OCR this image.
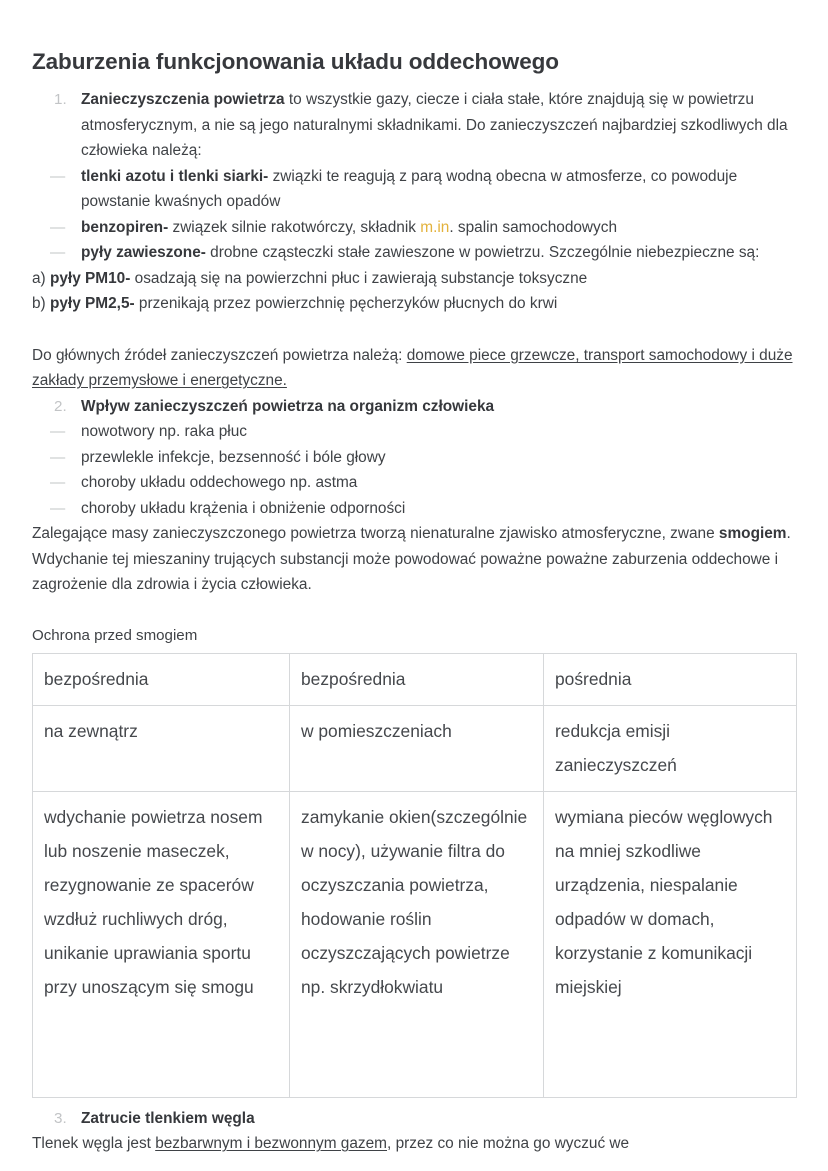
Zaburzenia funkcjonowania układu oddechowego
1. Zanieczyszczenia powietrza to wszystkie gazy, ciecze i ciała stałe, które znajdują się w powietrzu atmosferycznym, a nie są jego naturalnymi składnikami. Do zanieczyszczeń najbardziej szkodliwych dla człowieka należą:
—	tlenki azotu i tlenki siarki- związki te reagują z parą wodną obecna w atmosferze, co powoduje powstanie kwaśnych opadów
—	benzopiren- związek silnie rakotwórczy, składnik m.in. spalin samochodowych
—	pyły zawieszone- drobne cząsteczki stałe zawieszone w powietrzu. Szczególnie niebezpieczne są:
a) pyły PM10- osadzają się na powierzchni płuc i zawierają substancje toksyczne
b) pyły PM2,5- przenikają przez powierzchnię pęcherzyków płucnych do krwi
Do głównych źródeł zanieczyszczeń powietrza należą: domowe piece grzewcze, transport samochodowy i duże zakłady przemysłowe i energetyczne.
2. Wpływ zanieczyszczeń powietrza na organizm człowieka
—	nowotwory np. raka płuc
—	przewlekle infekcje, bezsenność i bóle głowy
—	choroby układu oddechowego np. astma
—	choroby układu krążenia i obniżenie odporności
Zalegające masy zanieczyszczonego powietrza tworzą nienaturalne zjawisko atmosferyczne, zwane smogiem. Wdychanie tej mieszaniny trujących substancji może powodować poważne poważne zaburzenia oddechowe i zagrożenie dla zdrowia i życia człowieka.
Ochrona przed smogiem
bezpośrednia	bezpośrednia	pośrednia
na zewnątrz	w pomieszczeniach	redukcja emisji zanieczyszczeń
wdychanie powietrza nosem lub noszenie maseczek, rezygnowanie ze spacerów wzdłuż ruchliwych dróg, unikanie uprawiania sportu przy unoszącym się smogu	zamykanie okien(szczególnie w nocy), używanie filtra do oczyszczania powietrza, hodowanie roślin oczyszczających powietrze np. skrzydłokwiatu	wymiana pieców węglowych na mniej szkodliwe urządzenia, niespalanie odpadów w domach, korzystanie z komunikacji miejskiej
3. Zatrucie tlenkiem węgla
Tlenek węgla jest bezbarwnym i bezwonnym gazem, przez co nie można go wyczuć we
